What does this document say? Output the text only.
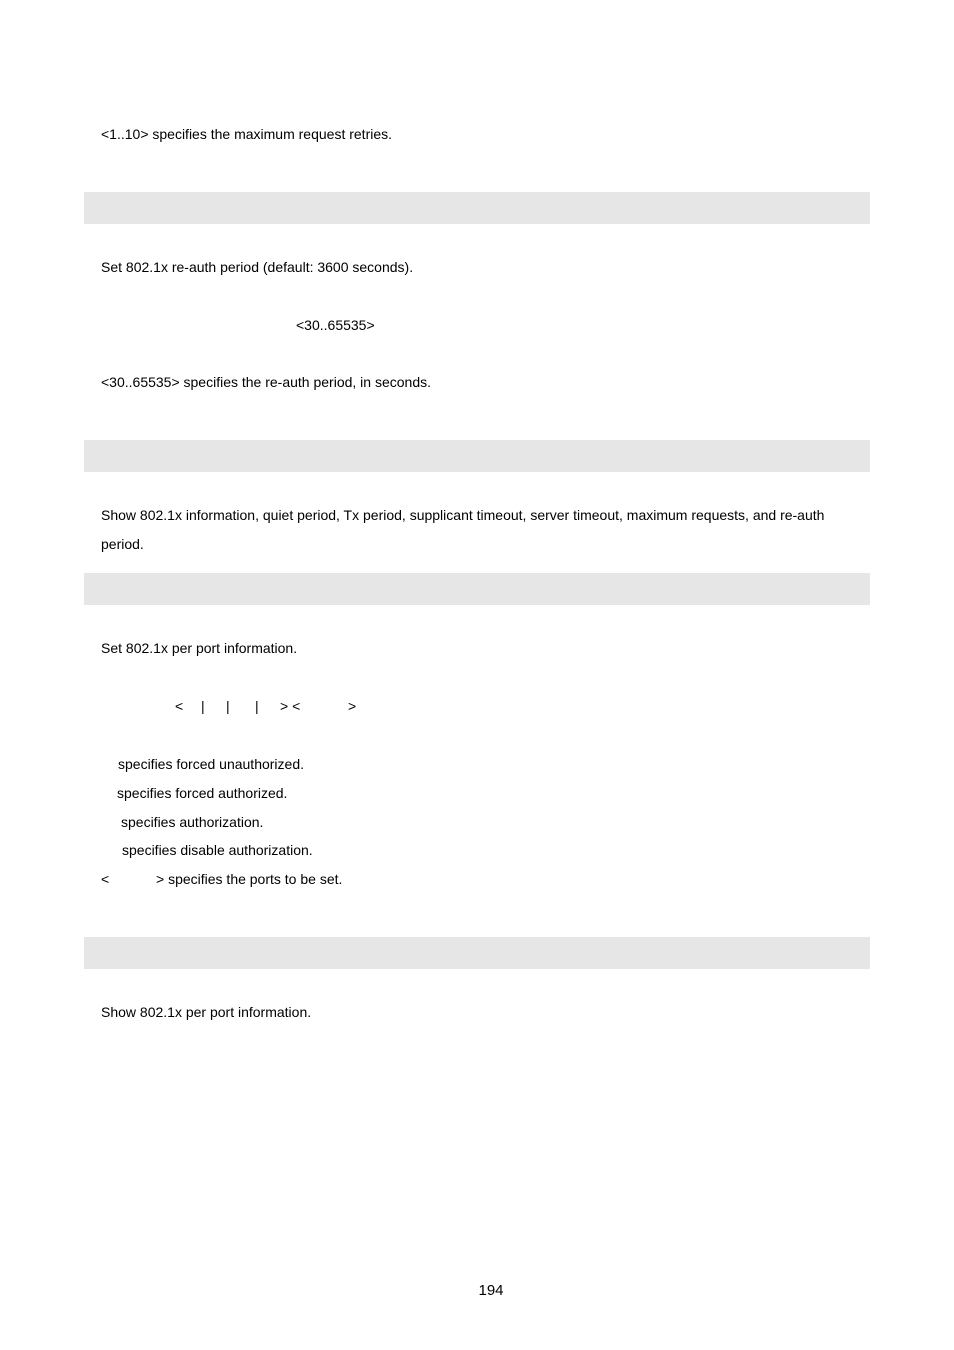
<1..10> specifies the maximum request retries.
Set 802.1x re-auth period (default: 3600 seconds).
<30..65535>
<30..65535> specifies the re-auth period, in seconds.
Show 802.1x information, quiet period, Tx period, supplicant timeout, server timeout, maximum requests, and re-auth period.
Set 802.1x per port information.
< | | | > <	>
specifies forced unauthorized.
specifies forced authorized.
specifies authorization.
specifies disable authorization.
<	> specifies the ports to be set.
Show 802.1x per port information.
194
